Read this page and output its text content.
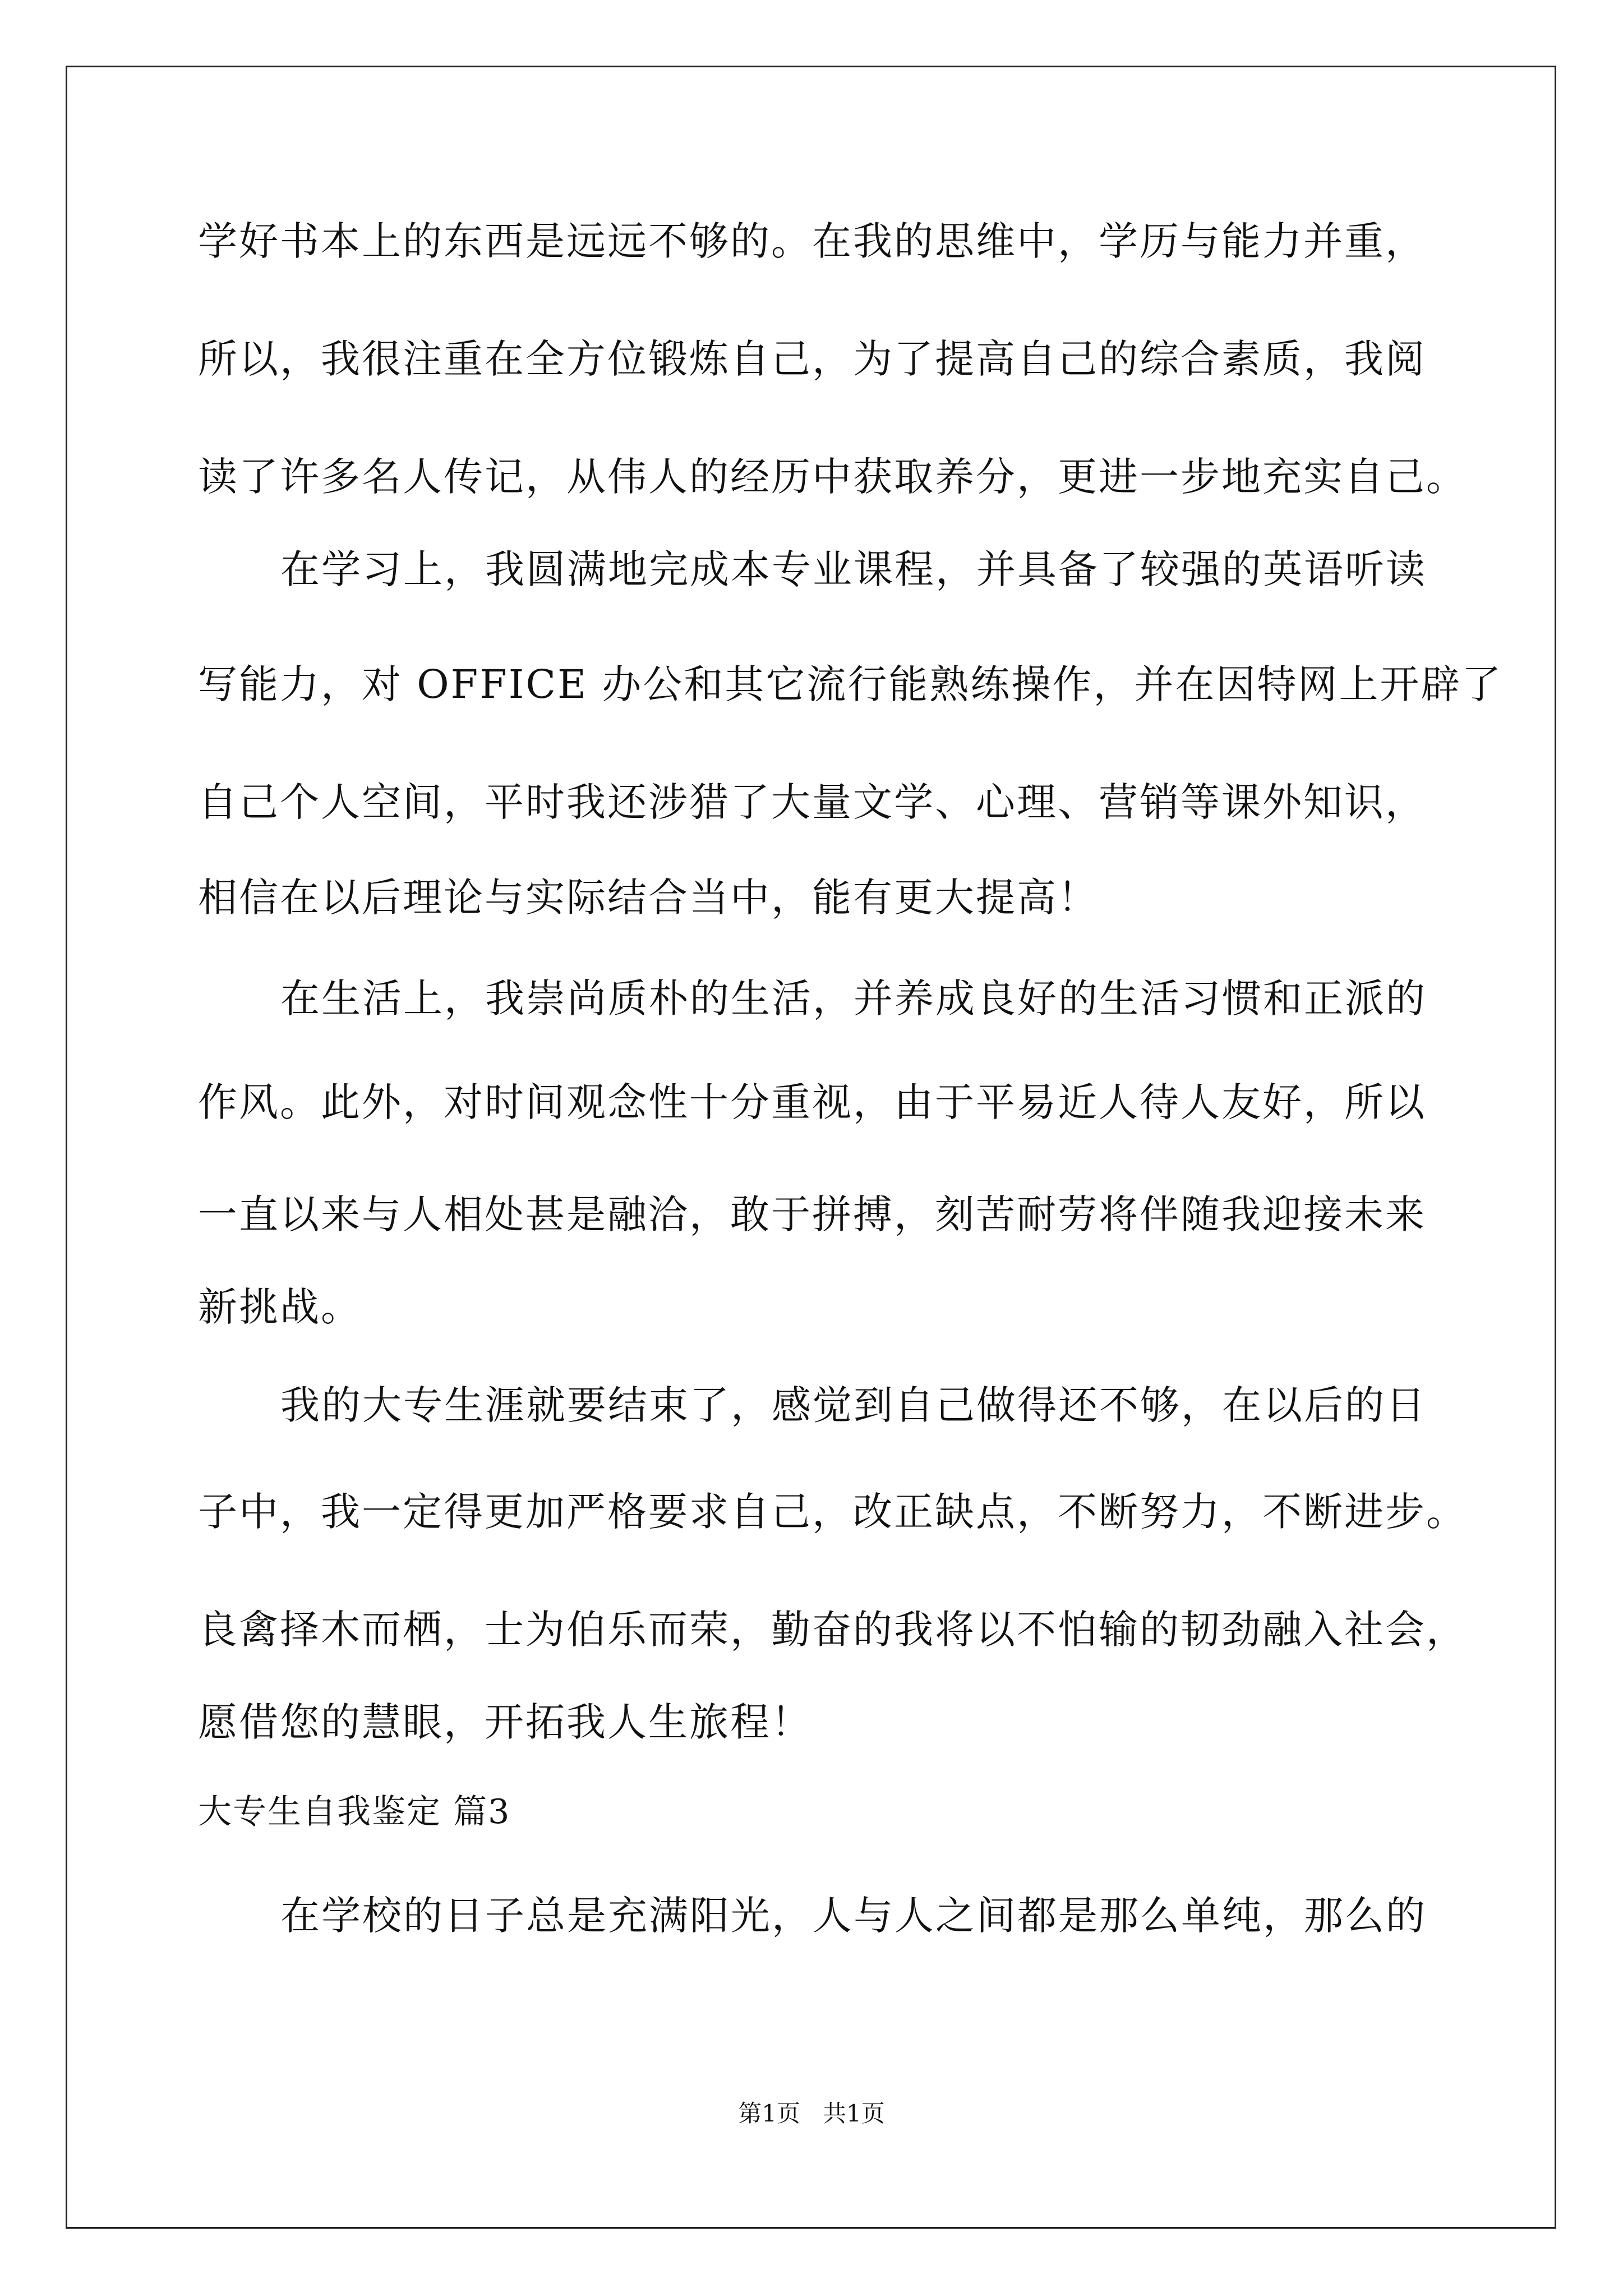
学好书本上的东西是远远不够的。在我的思维中，学历与能力并重，
所以，我很注重在全方位锻炼自己，为了提高自己的综合素质，我阅
读了许多名人传记，从伟人的经历中获取养分，更进一步地充实自己。
在学习上，我圆满地完成本专业课程，并具备了较强的英语听读
写能力，对 OFFICE 办公和其它流行能熟练操作，并在因特网上开辟了
自己个人空间，平时我还涉猎了大量文学、心理、营销等课外知识，
相信在以后理论与实际结合当中，能有更大提高！
在生活上，我崇尚质朴的生活，并养成良好的生活习惯和正派的
作风。此外，对时间观念性十分重视，由于平易近人待人友好，所以
一直以来与人相处甚是融洽，敢于拼搏，刻苦耐劳将伴随我迎接未来
新挑战。
我的大专生涯就要结束了，感觉到自己做得还不够，在以后的日
子中，我一定得更加严格要求自己，改正缺点，不断努力，不断进步。
良禽择木而栖，士为伯乐而荣，勤奋的我将以不怕输的韧劲融入社会，
愿借您的慧眼，开拓我人生旅程！
大专生自我鉴定 篇3
在学校的日子总是充满阳光，人与人之间都是那么单纯，那么的
第1页   共1页
